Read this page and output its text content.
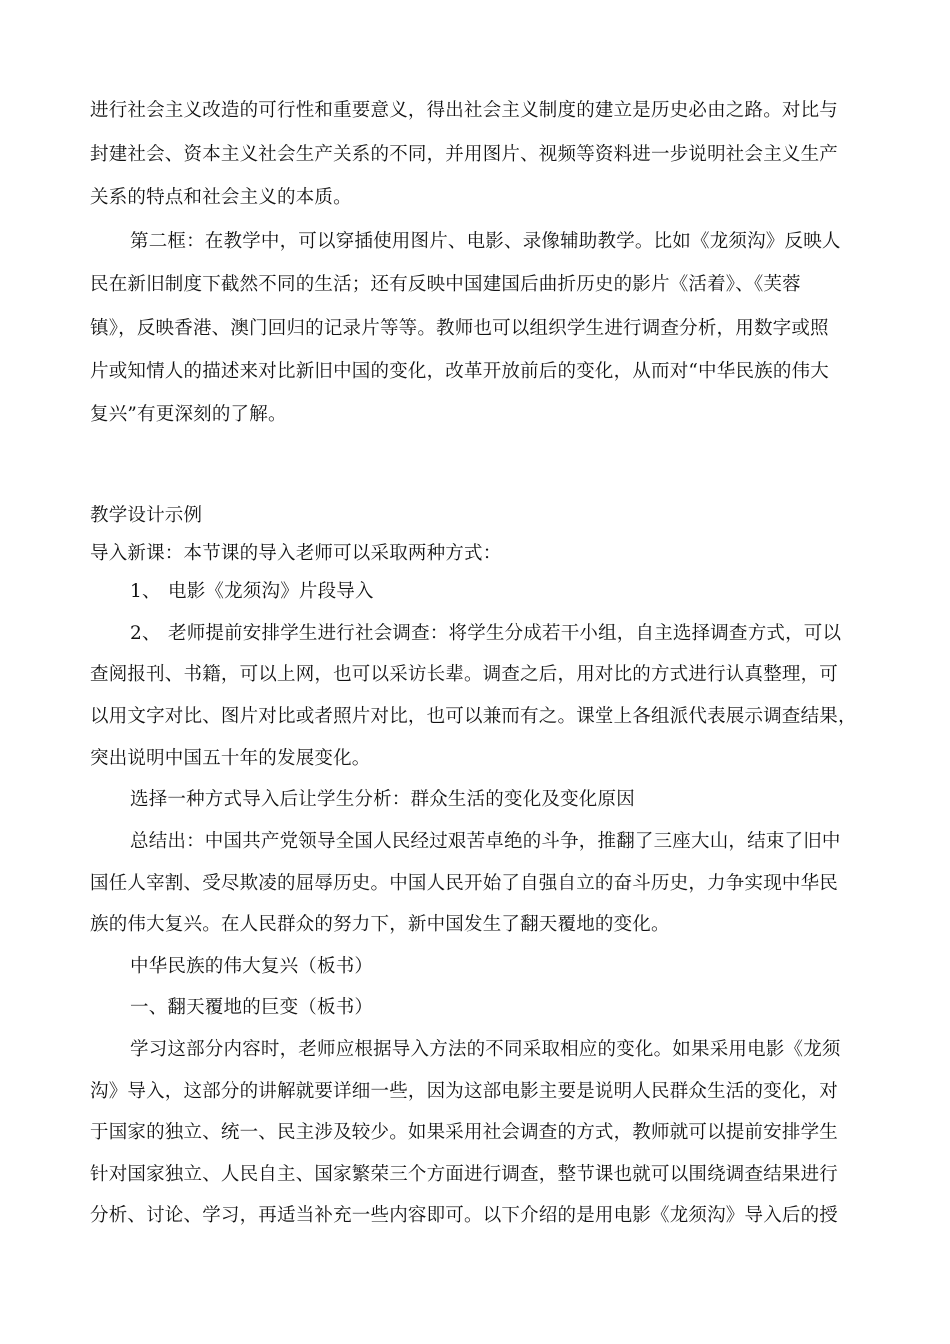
进行社会主义改造的可行性和重要意义，得出社会主义制度的建立是历史必由之路。对比与
封建社会、资本主义社会生产关系的不同，并用图片、视频等资料进一步说明社会主义生产
关系的特点和社会主义的本质。
第二框：在教学中，可以穿插使用图片、电影、录像辅助教学。比如《龙须沟》反映人
民在新旧制度下截然不同的生活；还有反映中国建国后曲折历史的影片《活着》、《芙蓉
镇》，反映香港、澳门回归的记录片等等。教师也可以组织学生进行调查分析，用数字或照
片或知情人的描述来对比新旧中国的变化，改革开放前后的变化，从而对“中华民族的伟大
复兴”有更深刻的了解。
教学设计示例
导入新课：本节课的导入老师可以采取两种方式：
1、 电影《龙须沟》片段导入
2、 老师提前安排学生进行社会调查：将学生分成若干小组，自主选择调查方式，可以
查阅报刊、书籍，可以上网，也可以采访长辈。调查之后，用对比的方式进行认真整理，可
以用文字对比、图片对比或者照片对比，也可以兼而有之。课堂上各组派代表展示调查结果，
突出说明中国五十年的发展变化。
选择一种方式导入后让学生分析：群众生活的变化及变化原因
总结出：中国共产党领导全国人民经过艰苦卓绝的斗争，推翻了三座大山，结束了旧中
国任人宰割、受尽欺凌的屈辱历史。中国人民开始了自强自立的奋斗历史，力争实现中华民
族的伟大复兴。在人民群众的努力下，新中国发生了翻天覆地的变化。
中华民族的伟大复兴（板书）
一、翻天覆地的巨变（板书）
学习这部分内容时，老师应根据导入方法的不同采取相应的变化。如果采用电影《龙须
沟》导入，这部分的讲解就要详细一些，因为这部电影主要是说明人民群众生活的变化，对
于国家的独立、统一、民主涉及较少。如果采用社会调查的方式，教师就可以提前安排学生
针对国家独立、人民自主、国家繁荣三个方面进行调查，整节课也就可以围绕调查结果进行
分析、讨论、学习，再适当补充一些内容即可。以下介绍的是用电影《龙须沟》导入后的授
